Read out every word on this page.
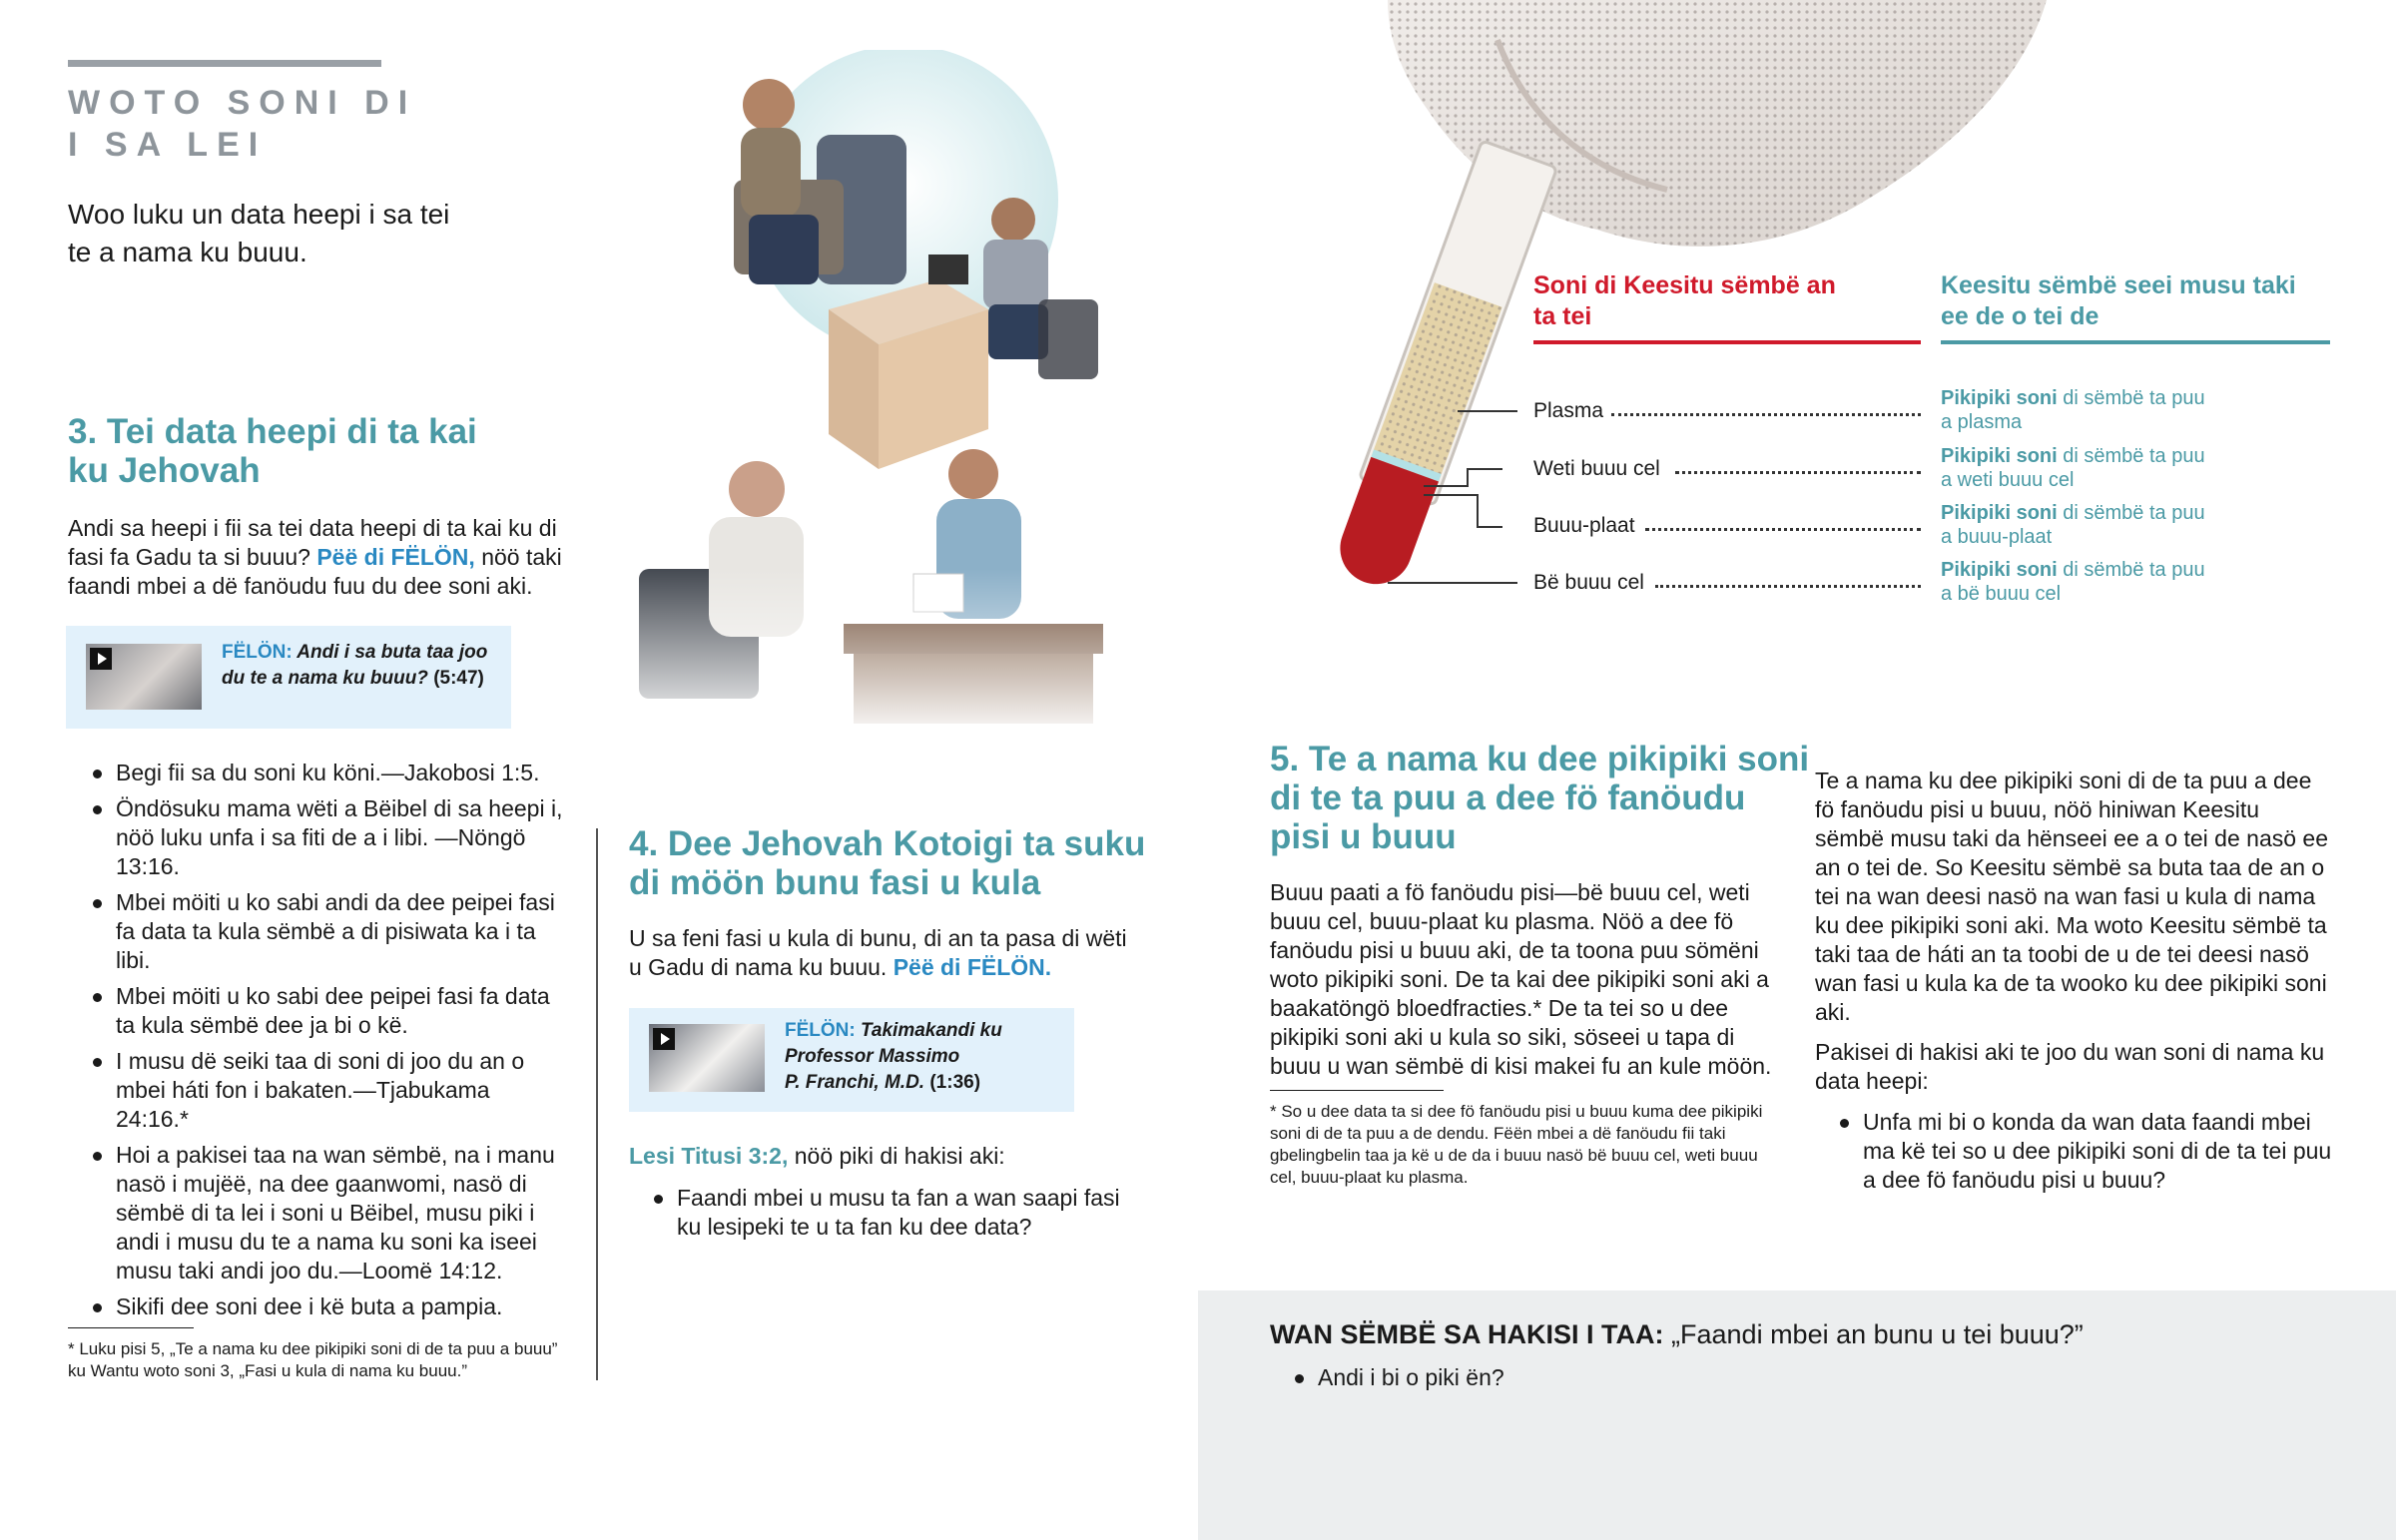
WOTO SONI DI
I SA LEI
Woo luku un data heepi i sa tei
te a nama ku buuu.
3. Tei data heepi di ta kai
ku Jehovah
Andi sa heepi i fii sa tei data heepi di ta kai ku di fasi fa Gadu ta si buuu? Pëë di FËLÖN, nöö taki faandi mbei a dë fanöudu fuu du dee soni aki.
FËLÖN: Andi i sa buta taa joo du te a nama ku buuu? (5:47)
Begi fii sa du soni ku köni.—Jakobosi 1:5.
Öndösuku mama wëti a Bëibel di sa heepi i, nöö luku unfa i sa fiti de a i libi. —Nöngö 13:16.
Mbei möiti u ko sabi andi da dee peipei fasi fa data ta kula sëmbë a di pisiwata ka i ta libi.
Mbei möiti u ko sabi dee peipei fasi fa data ta kula sëmbë dee ja bi o kë.
I musu dë seiki taa di soni di joo du an o mbei háti fon i bakaten.—Tjabukama 24:16.*
Hoi a pakisei taa na wan sëmbë, na i manu nasö i mujëë, na dee gaanwomi, nasö di sëmbë di ta lei i soni u Bëibel, musu piki i andi i musu du te a nama ku soni ka iseei musu taki andi joo du.—Loomë 14:12.
Sikifi dee soni dee i kë buta a pampia.
* Luku pisi 5, „Te a nama ku dee pikipiki soni di de ta puu a buuu” ku Wantu woto soni 3, „Fasi u kula di nama ku buuu.”
Soni di Keesitu sëmbë an
ta tei
Keesitu sëmbë seei musu taki
ee de o tei de
Plasma
Pikipiki soni di sëmbë ta puu
a plasma
Weti buuu cel
Pikipiki soni di sëmbë ta puu
a weti buuu cel
Buuu-plaat
Pikipiki soni di sëmbë ta puu
a buuu-plaat
Bë buuu cel
Pikipiki soni di sëmbë ta puu
a bë buuu cel
4. Dee Jehovah Kotoigi ta suku
di möön bunu fasi u kula
U sa feni fasi u kula di bunu, di an ta pasa di wëti u Gadu di nama ku buuu. Pëë di FËLÖN.
FËLÖN: Takimakandi ku
Professor Massimo
P. Franchi, M.D. (1:36)
Lesi Titusi 3:2, nöö piki di hakisi aki:
Faandi mbei u musu ta fan a wan saapi fasi ku lesipeki te u ta fan ku dee data?
5. Te a nama ku dee pikipiki soni
di te ta puu a dee fö fanöudu
pisi u buuu
Buuu paati a fö fanöudu pisi—bë buuu cel, weti buuu cel, buuu-plaat ku plasma. Nöö a dee fö fanöudu pisi u buuu aki, de ta toona puu sömëni woto pikipiki soni. De ta kai dee pikipiki soni aki a baakatöngö bloedfracties.* De ta tei so u dee pikipiki soni aki u kula so siki, söseei u tapa di buuu u wan sëmbë di kisi makei fu an kule möön.
* So u dee data ta si dee fö fanöudu pisi u buuu kuma dee pikipiki soni di de ta puu a de dendu. Fëën mbei a dë fanöudu fii taki gbelingbelin taa ja kë u de da i buuu nasö bë buuu cel, weti buuu cel, buuu-plaat ku plasma.
Te a nama ku dee pikipiki soni di de ta puu a dee fö fanöudu pisi u buuu, nöö hiniwan Keesitu sëmbë musu taki da hënseei ee a o tei de nasö ee an o tei de. So Keesitu sëmbë sa buta taa de an o tei na wan deesi nasö na wan fasi u kula di nama ku dee pikipiki soni aki. Ma woto Keesitu sëmbë ta taki taa de háti an ta toobi de u de tei deesi nasö wan fasi u kula ka de ta wooko ku dee pikipiki soni aki.
Pakisei di hakisi aki te joo du wan soni di nama ku data heepi:
Unfa mi bi o konda da wan data faandi mbei ma kë tei so u dee pikipiki soni di de ta tei puu a dee fö fanöudu pisi u buuu?
WAN SËMBË SA HAKISI I TAA: „Faandi mbei an bunu u tei buuu?”
Andi i bi o piki ën?
